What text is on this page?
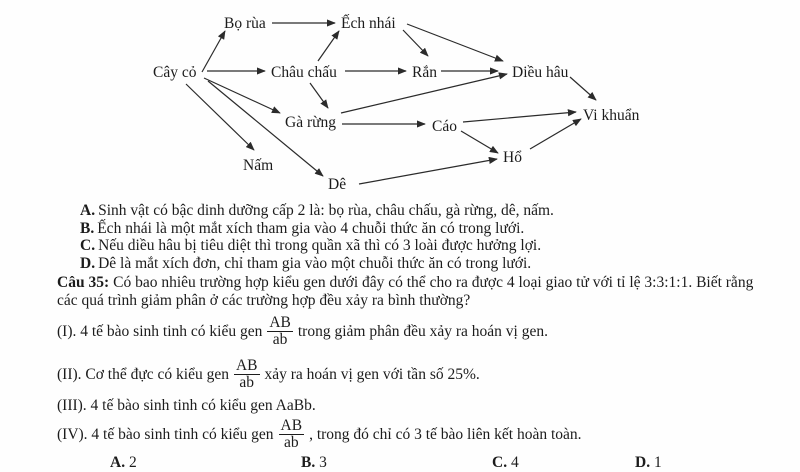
Cây cỏ
Bọ rùa	Ếch nhái
Châu chấu	Rắn	Diều hâu
Gà rừng	Cáo
Vi khuẩn
Nấm	Hổ
Dê
A. Sinh vật có bậc dinh dưỡng cấp 2 là: bọ rùa, châu chấu, gà rừng, dê, nấm.
B. Ếch nhái là một mắt xích tham gia vào 4 chuỗi thức ăn có trong lưới.
C. Nếu diều hâu bị tiêu diệt thì trong quần xã thì có 3 loài được hưởng lợi.
D. Dê là mắt xích đơn, chỉ tham gia vào một chuỗi thức ăn có trong lưới.

Câu 35: Có bao nhiêu trường hợp kiểu gen dưới đây có thể cho ra được 4 loại giao tử với tỉ lệ 3:3:1:1. Biết rằng các quá trình giảm phân ở các trường hợp đều xảy ra bình thường?

(I). 4 tế bào sinh tinh có kiểu gen $\frac{AB}{ab}$ trong giảm phân đều xảy ra hoán vị gen.
(II). Cơ thể đực có kiểu gen $\frac{AB}{ab}$ xảy ra hoán vị gen với tần số 25%.
(III). 4 tế bào sinh tinh có kiểu gen AaBb.
(IV). 4 tế bào sinh tinh có kiểu gen $\frac{AB}{ab}$ , trong đó chỉ có 3 tế bào liên kết hoàn toàn.
A. 2	B. 3	C. 4	D. 1
